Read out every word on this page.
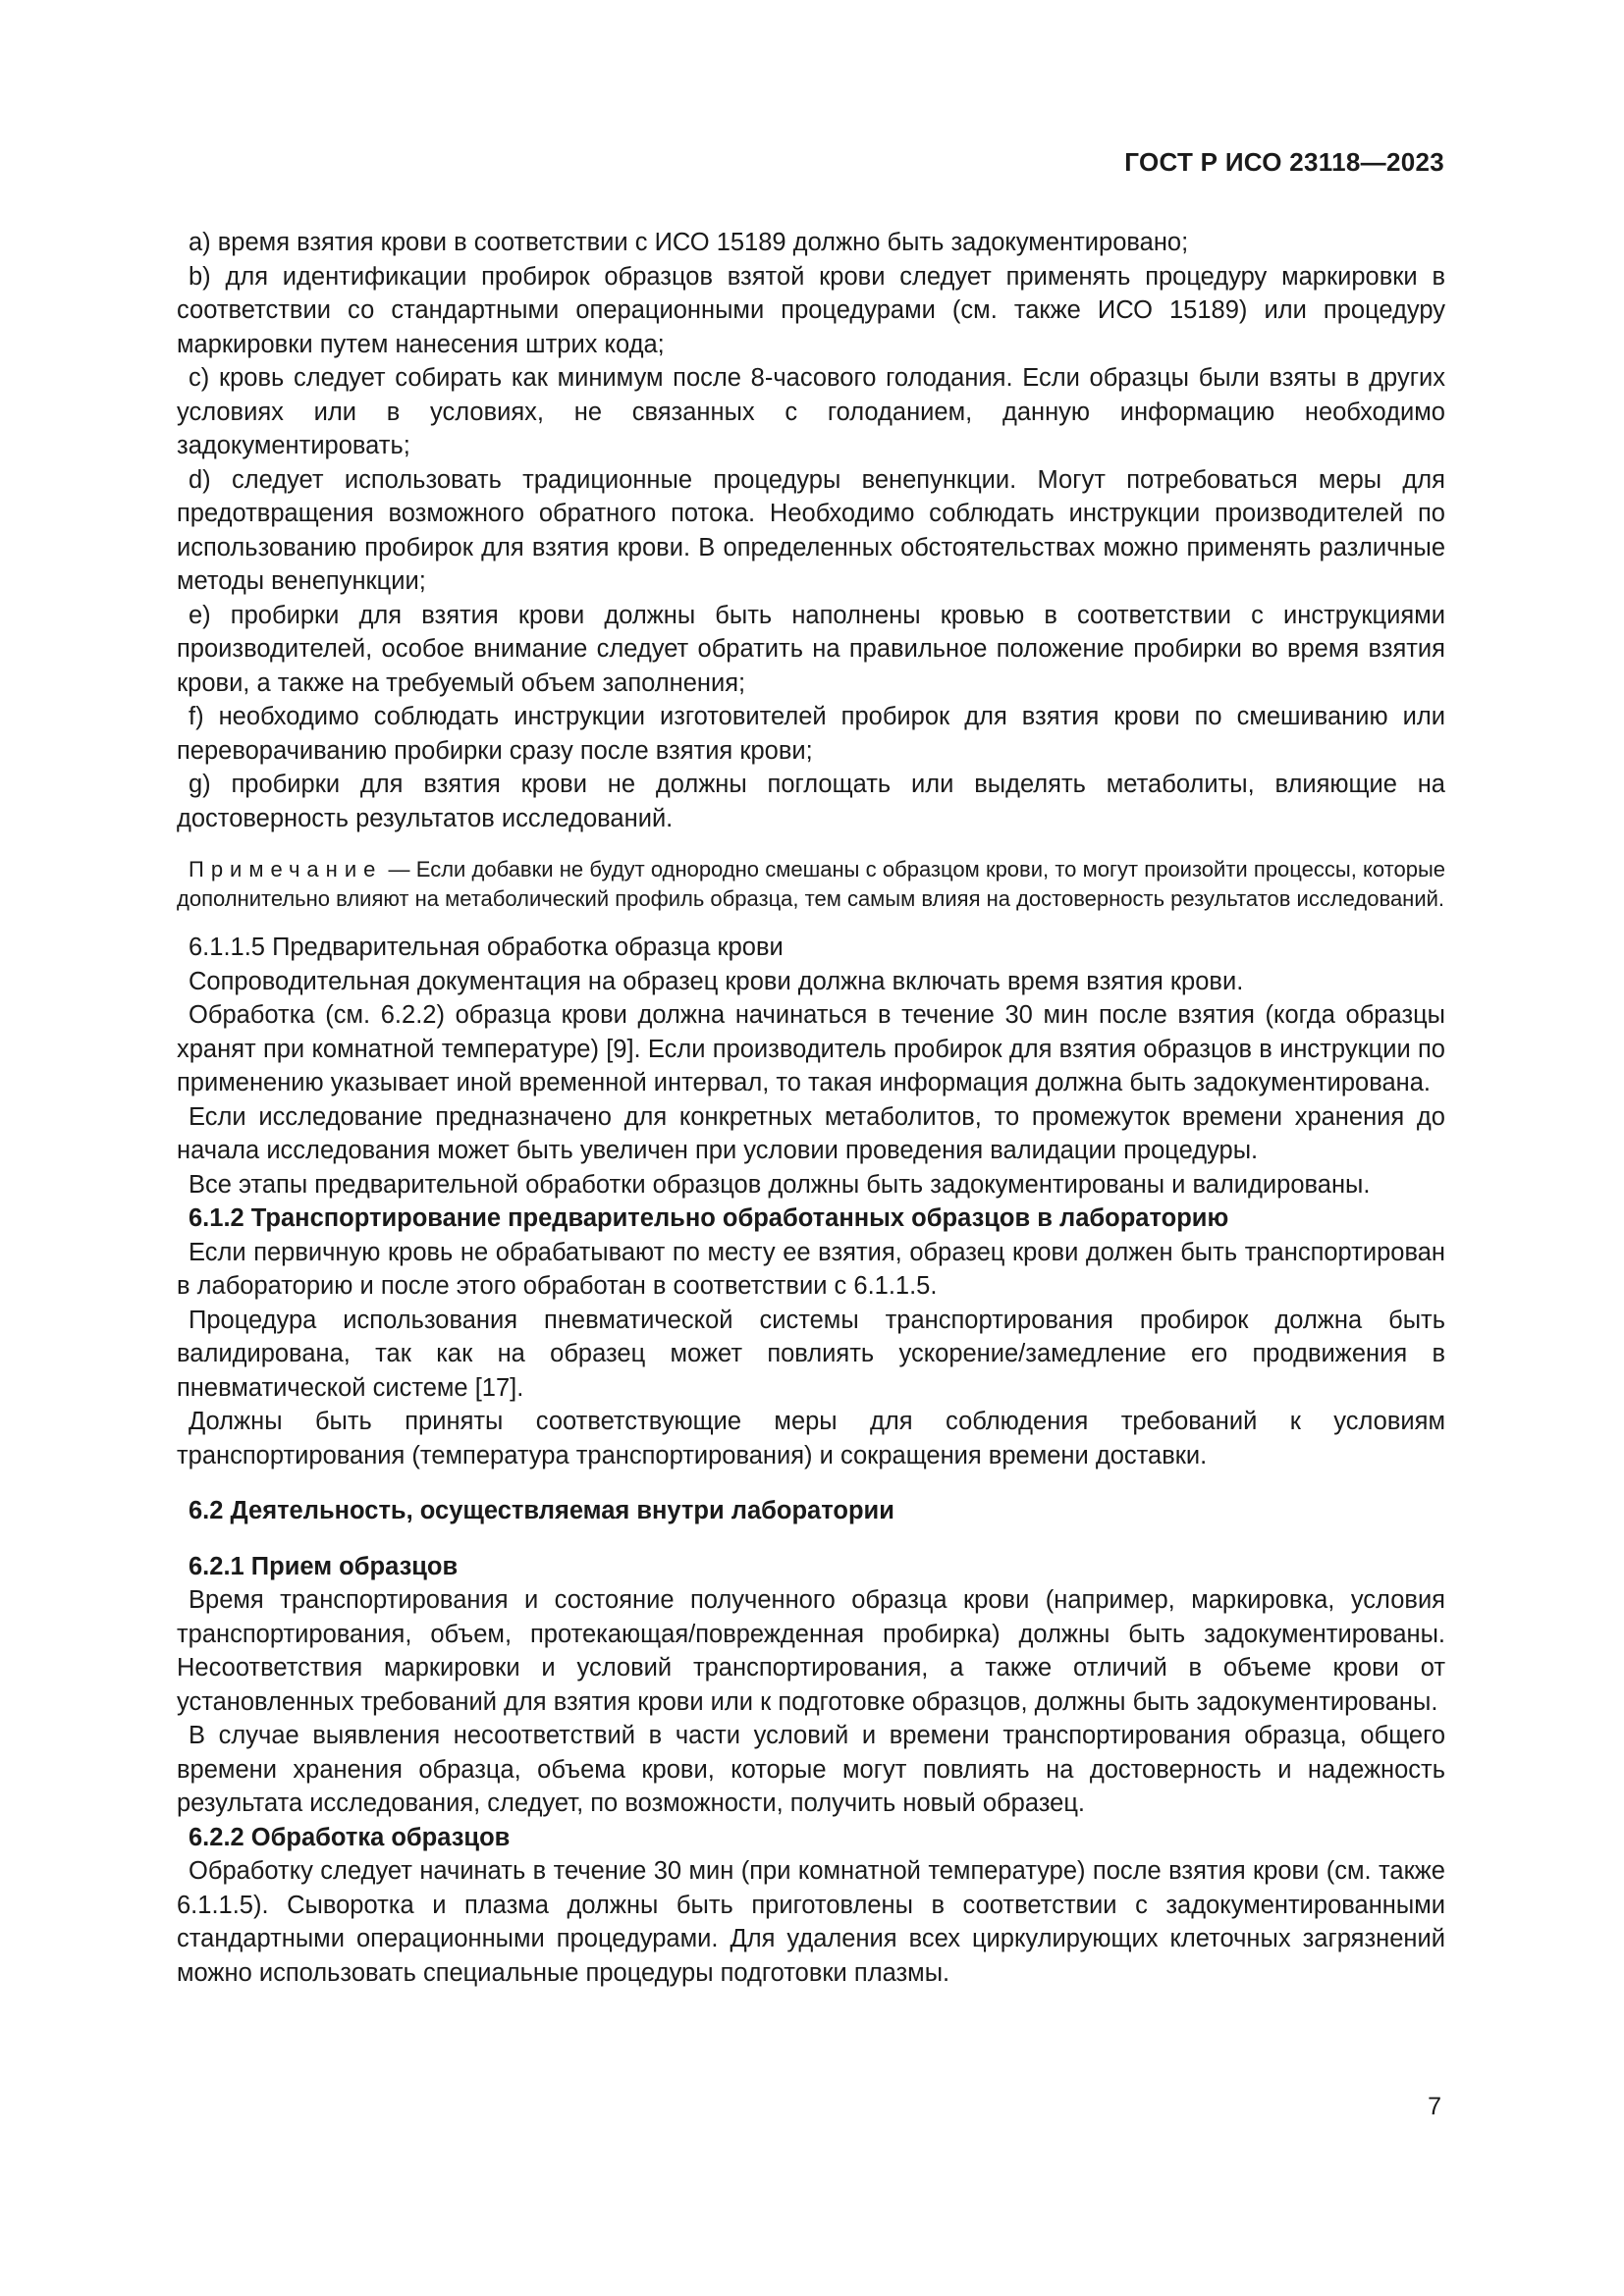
ГОСТ Р ИСО 23118—2023

a) время взятия крови в соответствии с ИСО 15189 должно быть задокументировано;

b) для идентификации пробирок образцов взятой крови следует применять процедуру маркировки в соответствии со стандартными операционными процедурами (см. также ИСО 15189) или процедуру маркировки путем нанесения штрих кода;

c) кровь следует собирать как минимум после 8-часового голодания. Если образцы были взяты в других условиях или в условиях, не связанных с голоданием, данную информацию необходимо задокументировать;

d) следует использовать традиционные процедуры венепункции. Могут потребоваться меры для предотвращения возможного обратного потока. Необходимо соблюдать инструкции производителей по использованию пробирок для взятия крови. В определенных обстоятельствах можно применять различные методы венепункции;

e) пробирки для взятия крови должны быть наполнены кровью в соответствии с инструкциями производителей, особое внимание следует обратить на правильное положение пробирки во время взятия крови, а также на требуемый объем заполнения;

f) необходимо соблюдать инструкции изготовителей пробирок для взятия крови по смешиванию или переворачиванию пробирки сразу после взятия крови;

g) пробирки для взятия крови не должны поглощать или выделять метаболиты, влияющие на достоверность результатов исследований.

Примечание — Если добавки не будут однородно смешаны с образцом крови, то могут произойти процессы, которые дополнительно влияют на метаболический профиль образца, тем самым влияя на достоверность результатов исследований.

6.1.1.5 Предварительная обработка образца крови

Сопроводительная документация на образец крови должна включать время взятия крови.

Обработка (см. 6.2.2) образца крови должна начинаться в течение 30 мин после взятия (когда образцы хранят при комнатной температуре) [9]. Если производитель пробирок для взятия образцов в инструкции по применению указывает иной временной интервал, то такая информация должна быть задокументирована.

Если исследование предназначено для конкретных метаболитов, то промежуток времени хранения до начала исследования может быть увеличен при условии проведения валидации процедуры.

Все этапы предварительной обработки образцов должны быть задокументированы и валидированы.

6.1.2 Транспортирование предварительно обработанных образцов в лабораторию

Если первичную кровь не обрабатывают по месту ее взятия, образец крови должен быть транспортирован в лабораторию и после этого обработан в соответствии с 6.1.1.5.

Процедура использования пневматической системы транспортирования пробирок должна быть валидирована, так как на образец может повлиять ускорение/замедление его продвижения в пневматической системе [17].

Должны быть приняты соответствующие меры для соблюдения требований к условиям транспортирования (температура транспортирования) и сокращения времени доставки.

6.2 Деятельность, осуществляемая внутри лаборатории

6.2.1 Прием образцов

Время транспортирования и состояние полученного образца крови (например, маркировка, условия транспортирования, объем, протекающая/поврежденная пробирка) должны быть задокументированы. Несоответствия маркировки и условий транспортирования, а также отличий в объеме крови от установленных требований для взятия крови или к подготовке образцов, должны быть задокументированы.

В случае выявления несоответствий в части условий и времени транспортирования образца, общего времени хранения образца, объема крови, которые могут повлиять на достоверность и надежность результата исследования, следует, по возможности, получить новый образец.

6.2.2 Обработка образцов

Обработку следует начинать в течение 30 мин (при комнатной температуре) после взятия крови (см. также 6.1.1.5). Сыворотка и плазма должны быть приготовлены в соответствии с задокументированными стандартными операционными процедурами. Для удаления всех циркулирующих клеточных загрязнений можно использовать специальные процедуры подготовки плазмы.

7
